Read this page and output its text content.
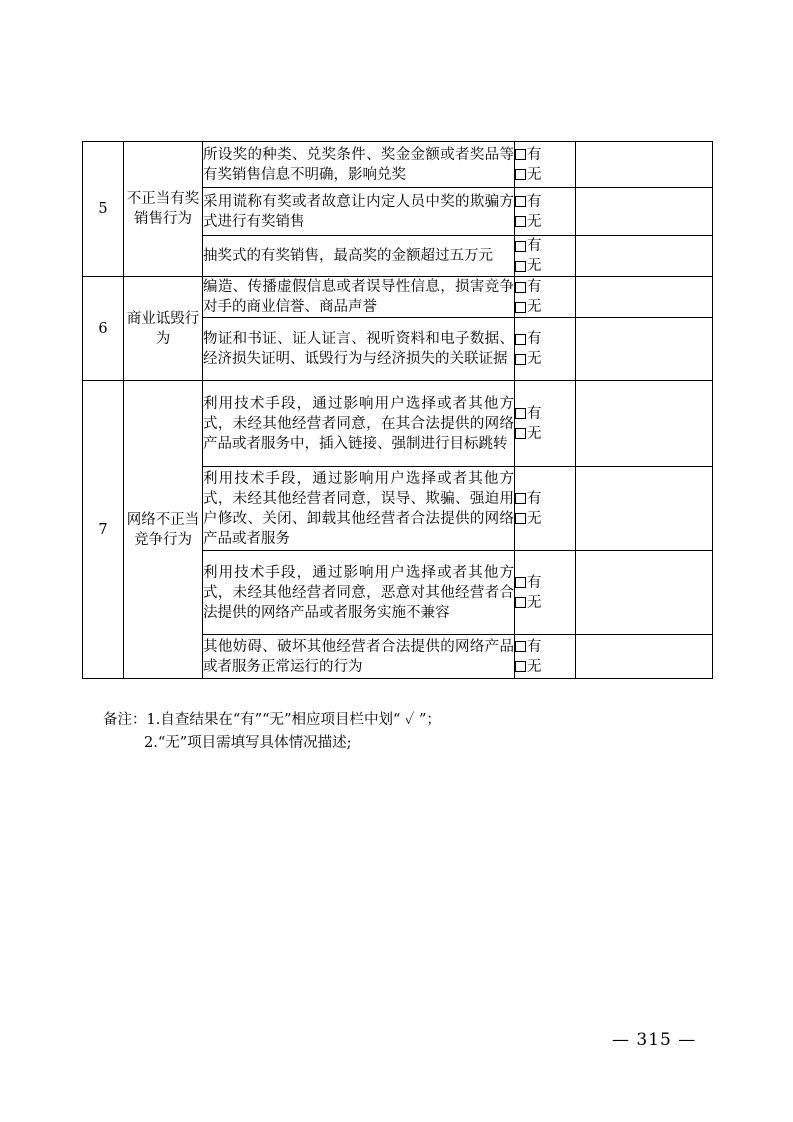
5	不正当有奖销售行为	所设奖的种类、兑奖条件、奖金金额或者奖品等有奖销售信息不明确，影响兑奖	有
无	

		采用谎称有奖或者故意让内定人员中奖的欺骗方式进行有奖销售	有
无	

		抽奖式的有奖销售，最高奖的金额超过五万元	有
无	

6	商业诋毁行为	编造、传播虚假信息或者误导性信息，损害竞争对手的商业信誉、商品声誉	有
无	

		物证和书证、证人证言、视听资料和电子数据、经济损失证明、诋毁行为与经济损失的关联证据	有
无	

7	网络不正当竞争行为	利用技术手段，通过影响用户选择或者其他方式，未经其他经营者同意，在其合法提供的网络产品或者服务中，插入链接、强制进行目标跳转	有
无	

		利用技术手段，通过影响用户选择或者其他方式，未经其他经营者同意，误导、欺骗、强迫用户修改、关闭、卸载其他经营者合法提供的网络产品或者服务	有
无	

		利用技术手段，通过影响用户选择或者其他方式，未经其他经营者同意，恶意对其他经营者合法提供的网络产品或者服务实施不兼容	有
无	

		其他妨碍、破坏其他经营者合法提供的网络产品或者服务正常运行的行为	有
无	

备注：1.自查结果在“有”“无”相应项目栏中划“ ✓ ”；
2.“无”项目需填写具体情况描述;
— 315 —
